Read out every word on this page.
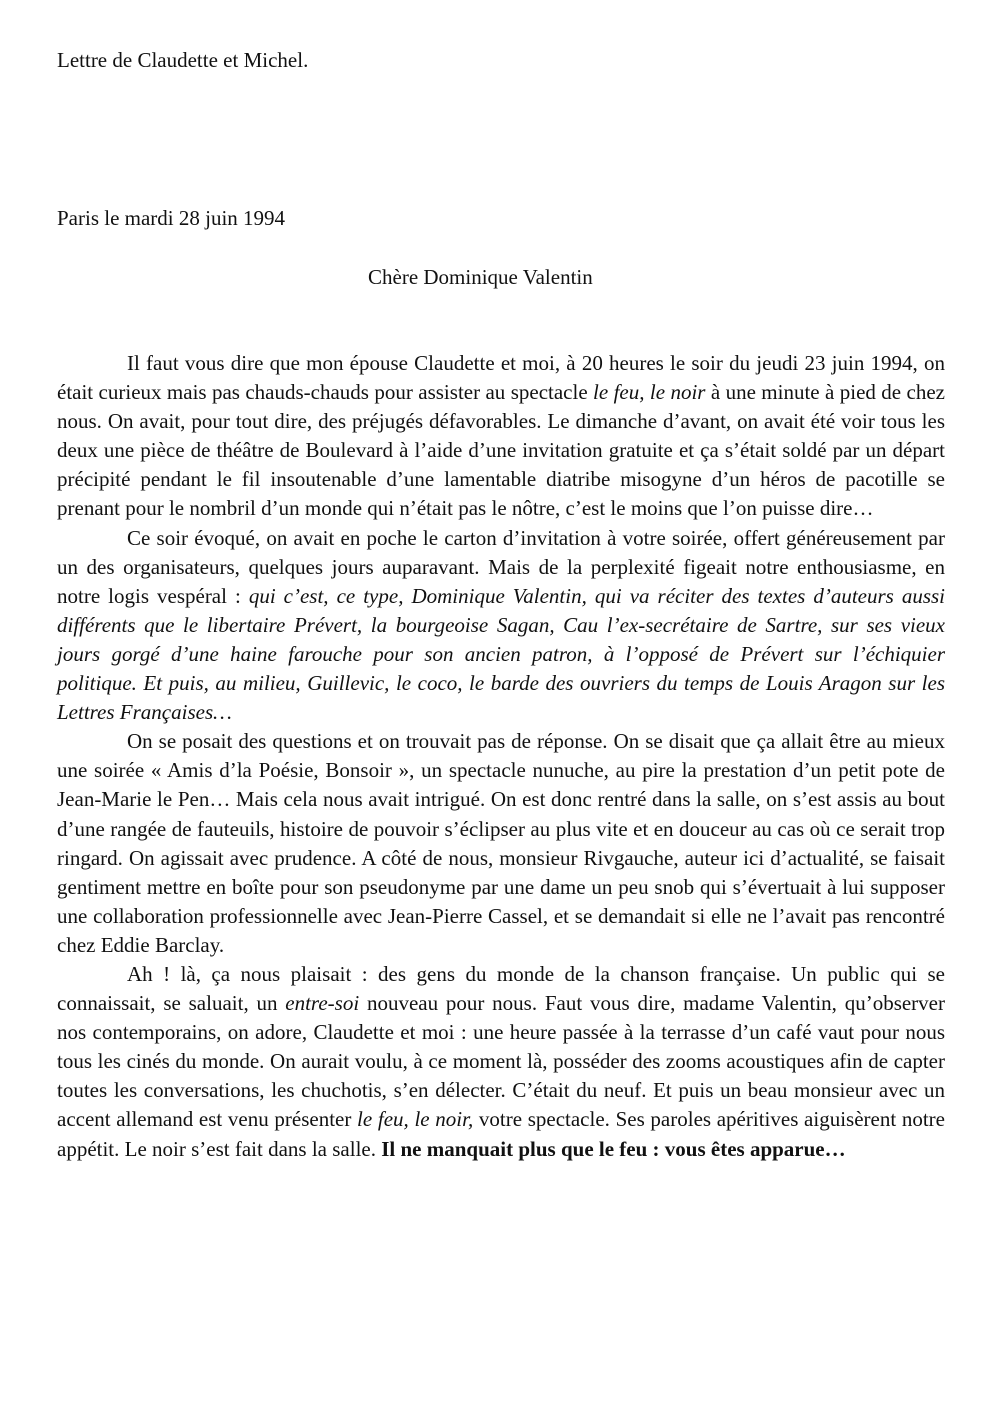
Lettre de Claudette et Michel.

Paris le mardi 28 juin 1994

Chère Dominique Valentin

Il faut vous dire que mon épouse Claudette et moi, à 20 heures le soir du jeudi 23 juin 1994, on était curieux mais pas chauds-chauds pour assister au spectacle le feu, le noir à une minute à pied de chez nous. On avait, pour tout dire, des préjugés défavorables. Le dimanche d’avant, on avait été voir tous les deux une pièce de théâtre de Boulevard à l’aide d’une invitation gratuite et ça s’était soldé par un départ précipité pendant le fil insoutenable d’une lamentable diatribe misogyne d’un héros de pacotille se prenant pour le nombril d’un monde qui n’était pas le nôtre, c’est le moins que l’on puisse dire…

Ce soir évoqué, on avait en poche le carton d’invitation à votre soirée, offert généreusement par un des organisateurs, quelques jours auparavant. Mais de la perplexité figeait notre enthousiasme, en notre logis vespéral : qui c’est, ce type, Dominique Valentin, qui va réciter des textes d’auteurs aussi différents que le libertaire Prévert, la bourgeoise Sagan, Cau l’ex-secrétaire de Sartre, sur ses vieux jours gorgé d’une haine farouche pour son ancien patron, à l’opposé de Prévert sur l’échiquier politique. Et puis, au milieu, Guillevic, le coco, le barde des ouvriers du temps de Louis Aragon sur les Lettres Françaises…

On se posait des questions et on trouvait pas de réponse. On se disait que ça allait être au mieux une soirée « Amis d’la Poésie, Bonsoir », un spectacle nunuche, au pire la prestation d’un petit pote de Jean-Marie le Pen… Mais cela nous avait intrigué. On est donc rentré dans la salle, on s’est assis au bout d’une rangée de fauteuils, histoire de pouvoir s’éclipser au plus vite et en douceur au cas où ce serait trop ringard. On agissait avec prudence. A côté de nous, monsieur Rivgauche, auteur ici d’actualité, se faisait gentiment mettre en boîte pour son pseudonyme par une dame un peu snob qui s’évertuait à lui supposer une collaboration professionnelle avec Jean-Pierre Cassel, et se demandait si elle ne l’avait pas rencontré chez Eddie Barclay.

Ah ! là, ça nous plaisait : des gens du monde de la chanson française. Un public qui se connaissait, se saluait, un entre-soi nouveau pour nous. Faut vous dire, madame Valentin, qu’observer nos contemporains, on adore, Claudette et moi : une heure passée à la terrasse d’un café vaut pour nous tous les cinés du monde. On aurait voulu, à ce moment là, posséder des zooms acoustiques afin de capter toutes les conversations, les chuchotis, s’en délecter. C’était du neuf. Et puis un beau monsieur avec un accent allemand est venu présenter le feu, le noir, votre spectacle. Ses paroles apéritives aiguisèrent notre appétit. Le noir s’est fait dans la salle. Il ne manquait plus que le feu : vous êtes apparue…
